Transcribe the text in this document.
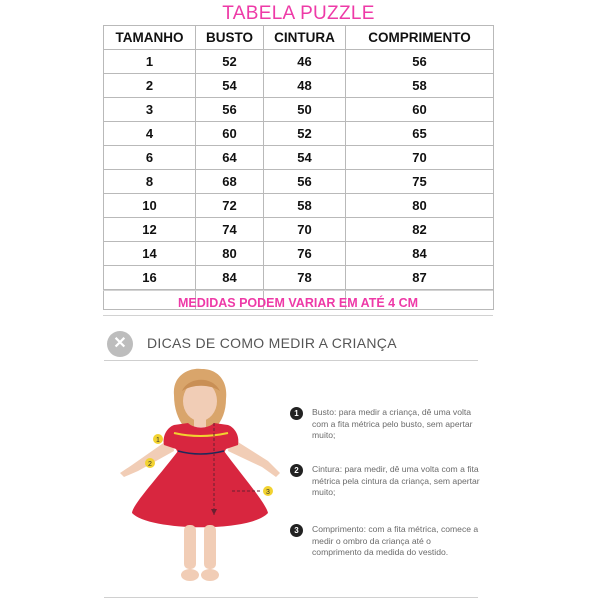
TABELA PUZZLE			
TAMANHO	BUSTO	CINTURA	COMPRIMENTO
1	52	46	56
2	54	48	58
3	56	50	60
4	60	52	65
6	64	54	70
8	68	56	75
10	72	58	80
12	74	70	82
14	80	76	84
16	84	78	87

MEDIDAS PODEM VARIAR EM ATÉ 4 CM
✕	DICAS DE COMO MEDIR A CRIANÇA
1
2
3
1	Busto: para medir a criança, dê uma volta com a fita métrica pelo busto, sem apertar muito;
2	Cintura: para medir, dê uma volta com a fita métrica pela cintura da criança, sem apertar muito;
3	Comprimento: com a fita métrica, comece a medir o ombro da criança até o comprimento da medida do vestido.
